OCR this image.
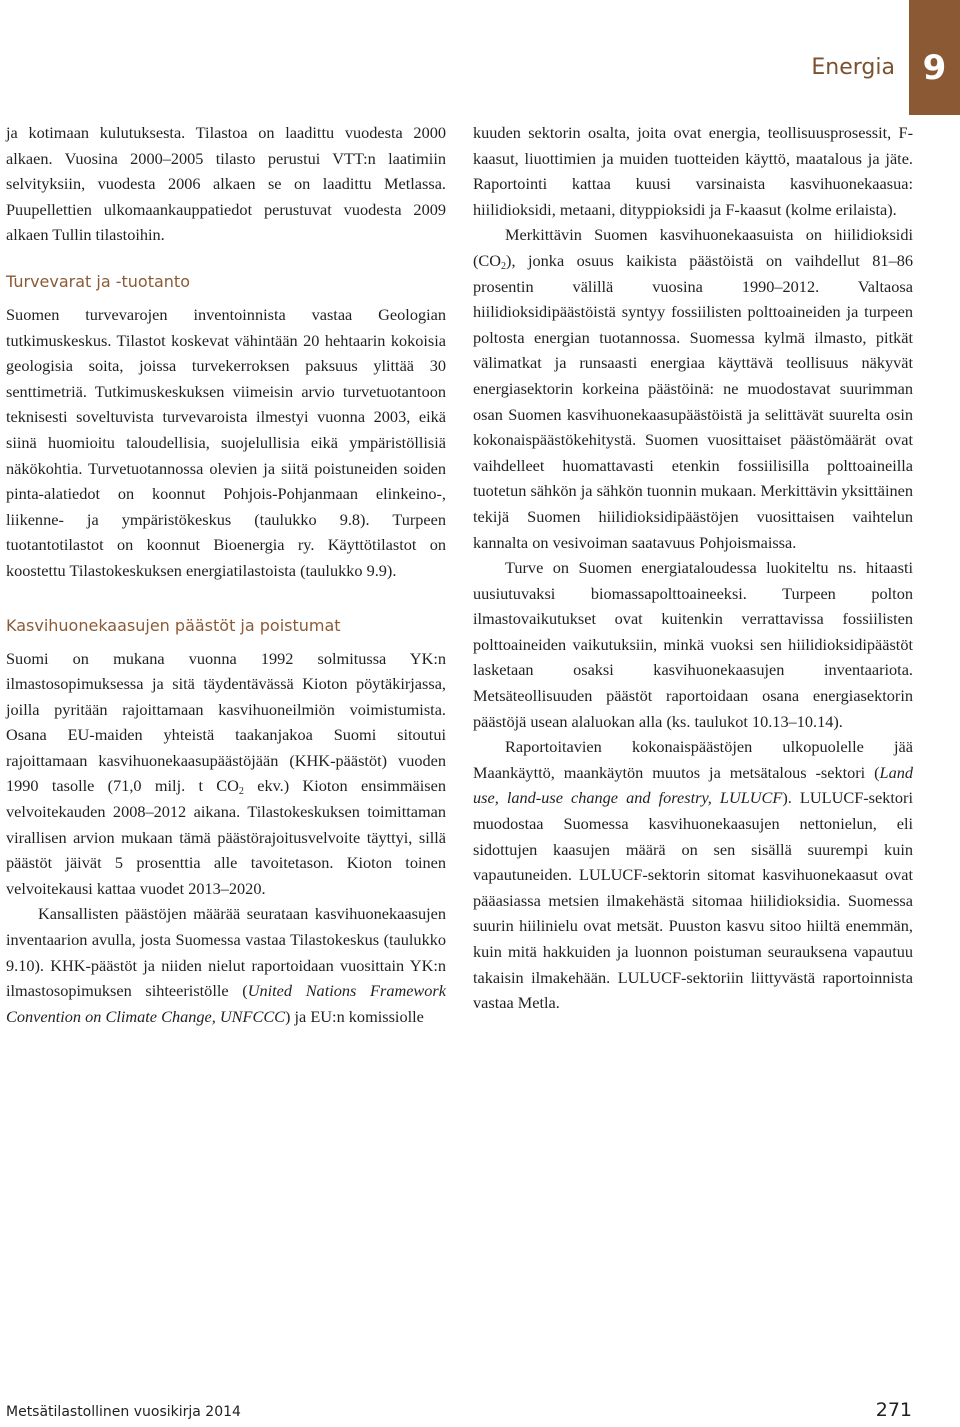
Energia 9

ja kotimaan kulutuksesta. Tilastoa on laadittu vuodesta 2000 alkaen. Vuosina 2000–2005 tilasto perustui VTT:n laatimiin selvityksiin, vuodesta 2006 alkaen se on laadittu Metlassa. Puupellettien ulkomaankauppatiedot perustuvat vuodesta 2009 alkaen Tullin tilastoihin.

Turvevarat ja -tuotanto

Suomen turvevarojen inventoinnista vastaa Geologian tutkimuskeskus. Tilastot koskevat vähintään 20 hehtaarin kokoisia geologisia soita, joissa turvekerroksen paksuus ylittää 30 senttimetriä. Tutkimuskeskuksen viimeisin arvio turvetuotantoon teknisesti soveltuvista turvevaroista ilmestyi vuonna 2003, eikä siinä huomioitu taloudellisia, suojelullisia eikä ympäristöllisiä näkökohtia. Turvetuotannossa olevien ja siitä poistuneiden soiden pinta-alatiedot on koonnut Pohjois-Pohjanmaan elinkeino-, liikenne- ja ympäristökeskus (taulukko 9.8). Turpeen tuotantotilastot on koonnut Bioenergia ry. Käyttötilastot on koostettu Tilastokeskuksen energiatilastoista (taulukko 9.9).

Kasvihuonekaasujen päästöt ja poistumat

Suomi on mukana vuonna 1992 solmitussa YK:n ilmastosopimuksessa ja sitä täydentävässä Kioton pöytäkirjassa, joilla pyritään rajoittamaan kasvihuoneilmiön voimistumista. Osana EU-maiden yhteistä taakanjakoa Suomi sitoutui rajoittamaan kasvihuonekaasupäästöjään (KHK-päästöt) vuoden 1990 tasolle (71,0 milj. t $CO_2$ ekv.) Kioton ensimmäisen velvoitekauden 2008–2012 aikana. Tilastokeskuksen toimittaman virallisen arvion mukaan tämä päästörajoitusvelvoite täyttyi, sillä päästöt jäivät 5 prosenttia alle tavoitetason. Kioton toinen velvoitekausi kattaa vuodet 2013–2020.

Kansallisten päästöjen määrää seurataan kasvihuonekaasujen inventaarion avulla, josta Suomessa vastaa Tilastokeskus (taulukko 9.10). KHK-päästöt ja niiden nielut raportoidaan vuosittain YK:n ilmastosopimuksen sihteeristölle (United Nations Framework Convention on Climate Change, UNFCCC) ja EU:n komissiolle

kuuden sektorin osalta, joita ovat energia, teollisuusprosessit, F-kaasut, liuottimien ja muiden tuotteiden käyttö, maatalous ja jäte. Raportointi kattaa kuusi varsinaista kasvihuonekaasua: hiilidioksidi, metaani, dityppioksidi ja F-kaasut (kolme erilaista).

Merkittävin Suomen kasvihuonekaasuista on hiilidioksidi $(CO_2)$, jonka osuus kaikista päästöistä on vaihdellut 81–86 prosentin välillä vuosina 1990–2012. Valtaosa hiilidioksidipäästöistä syntyy fossiilisten polttoaineiden ja turpeen poltosta energian tuotannossa. Suomessa kylmä ilmasto, pitkät välimatkat ja runsaasti energiaa käyttävä teollisuus näkyvät energiasektorin korkeina päästöinä: ne muodostavat suurimman osan Suomen kasvihuonekaasupäästöistä ja selittävät suurelta osin kokonaispäästökehitystä. Suomen vuosittaiset päästömäärät ovat vaihdelleet huomattavasti etenkin fossiilisilla polttoaineilla tuotetun sähkön ja sähkön tuonnin mukaan. Merkittävin yksittäinen tekijä Suomen hiilidioksidipäästöjen vuosittaisen vaihtelun kannalta on vesivoiman saatavuus Pohjoismaissa.

Turve on Suomen energiataloudessa luokiteltu ns. hitaasti uusiutuvaksi biomassapolttoaineeksi. Turpeen polton ilmastovaikutukset ovat kuitenkin verrattavissa fossiilisten polttoaineiden vaikutuksiin, minkä vuoksi sen hiilidioksidipäästöt lasketaan osaksi kasvihuonekaasujen inventaariota. Metsäteollisuuden päästöt raportoidaan osana energiasektorin päästöjä usean alaluokan alla (ks. taulukot 10.13–10.14).

Raportoitavien kokonaispäästöjen ulkopuolelle jää Maankäyttö, maankäytön muutos ja metsätalous -sektori (Land use, land-use change and forestry, LULUCF). LULUCF-sektori muodostaa Suomessa kasvihuonekaasujen nettonielun, eli sidottujen kaasujen määrä on sen sisällä suurempi kuin vapautuneiden. LULUCF-sektorin sitomat kasvihuonekaasut ovat pääasiassa metsien ilmakehästä sitomaa hiilidioksidia. Suomessa suurin hiilinielu ovat metsät. Puuston kasvu sitoo hiiltä enemmän, kuin mitä hakkuiden ja luonnon poistuman seurauksena vapautuu takaisin ilmakehään. LULUCF-sektoriin liittyvästä raportoinnista vastaa Metla.

Metsätilastollinen vuosikirja 2014	271
